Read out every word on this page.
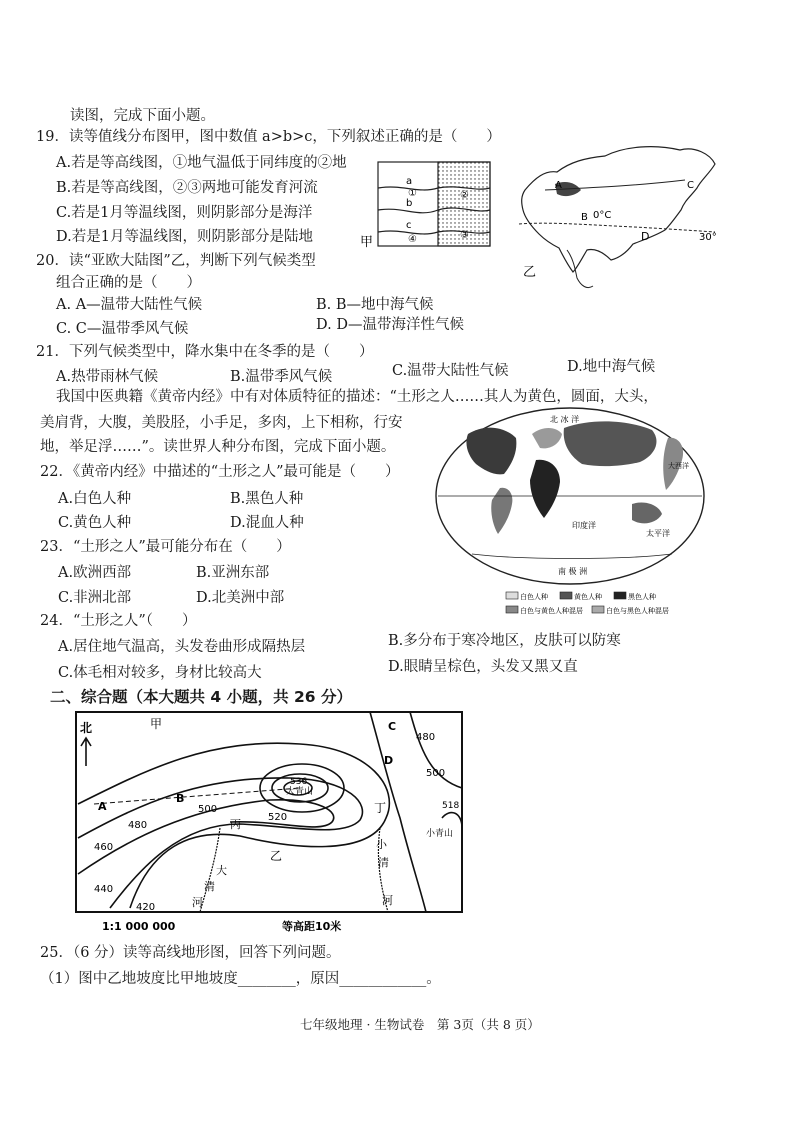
读图，完成下面小题。
19．读等值线分布图甲，图中数值 a>b>c，下列叙述正确的是（　　）
A.若是等高线图，①地气温低于同纬度的②地
B.若是等高线图，②③两地可能发育河流
C.若是1月等温线图，则阴影部分是海洋
D.若是1月等温线图，则阴影部分是陆地
20．读“亚欧大陆图”乙，判断下列气候类型
组合正确的是（　　）
A. A—温带大陆性气候	B. B—地中海气候
C. C—温带季风气候	D. D—温带海洋性气候
21．下列气候类型中，降水集中在冬季的是（　　）
A.热带雨林气候	B.温带季风气候	C.温带大陆性气候	D.地中海气候
a
b
c
①	②
③
④
甲
A
B
C
D
0°C
30°
乙
我国中医典籍《黄帝内经》中有对体质特征的描述：“土形之人……其人为黄色，圆面，大头，
美肩背，大腹，美股胫，小手足，多肉，上下相称，行安
地，举足浮……”。读世界人种分布图，完成下面小题。
22．《黄帝内经》中描述的“土形之人”最可能是（　　）
A.白色人种	B.黑色人种
C.黄色人种	D.混血人种
23．“土形之人”最可能分布在（　　）
A.欧洲西部	B.亚洲东部
C.非洲北部	D.北美洲中部
24．“土形之人”（　　）
A.居住地气温高，头发卷曲形成隔热层	B.多分布于寒冷地区，皮肤可以防寒
C.体毛相对较多，身材比较高大	D.眼睛呈棕色，头发又黑又直
北 冰 洋
太平洋
印度洋
大西洋
南 极 洲
白色人种	黄色人种	黑色人种
白色与黄色人种混居	白色与黑色人种混居
二、综合题（本大题共 4 小题，共 26 分）
北	甲
乙
丙
丁
A
B
C
D
大青山
536
小青山
518
大
清
河
小
清
河
420
440
460
480
500
520
480
500
1:1 000 000	等高距10米
25．（6 分）读等高线地形图，回答下列问题。
（1）图中乙地坡度比甲地坡度________，原因____________。
七年级地理 · 生物试卷　第 3页（共 8 页）
